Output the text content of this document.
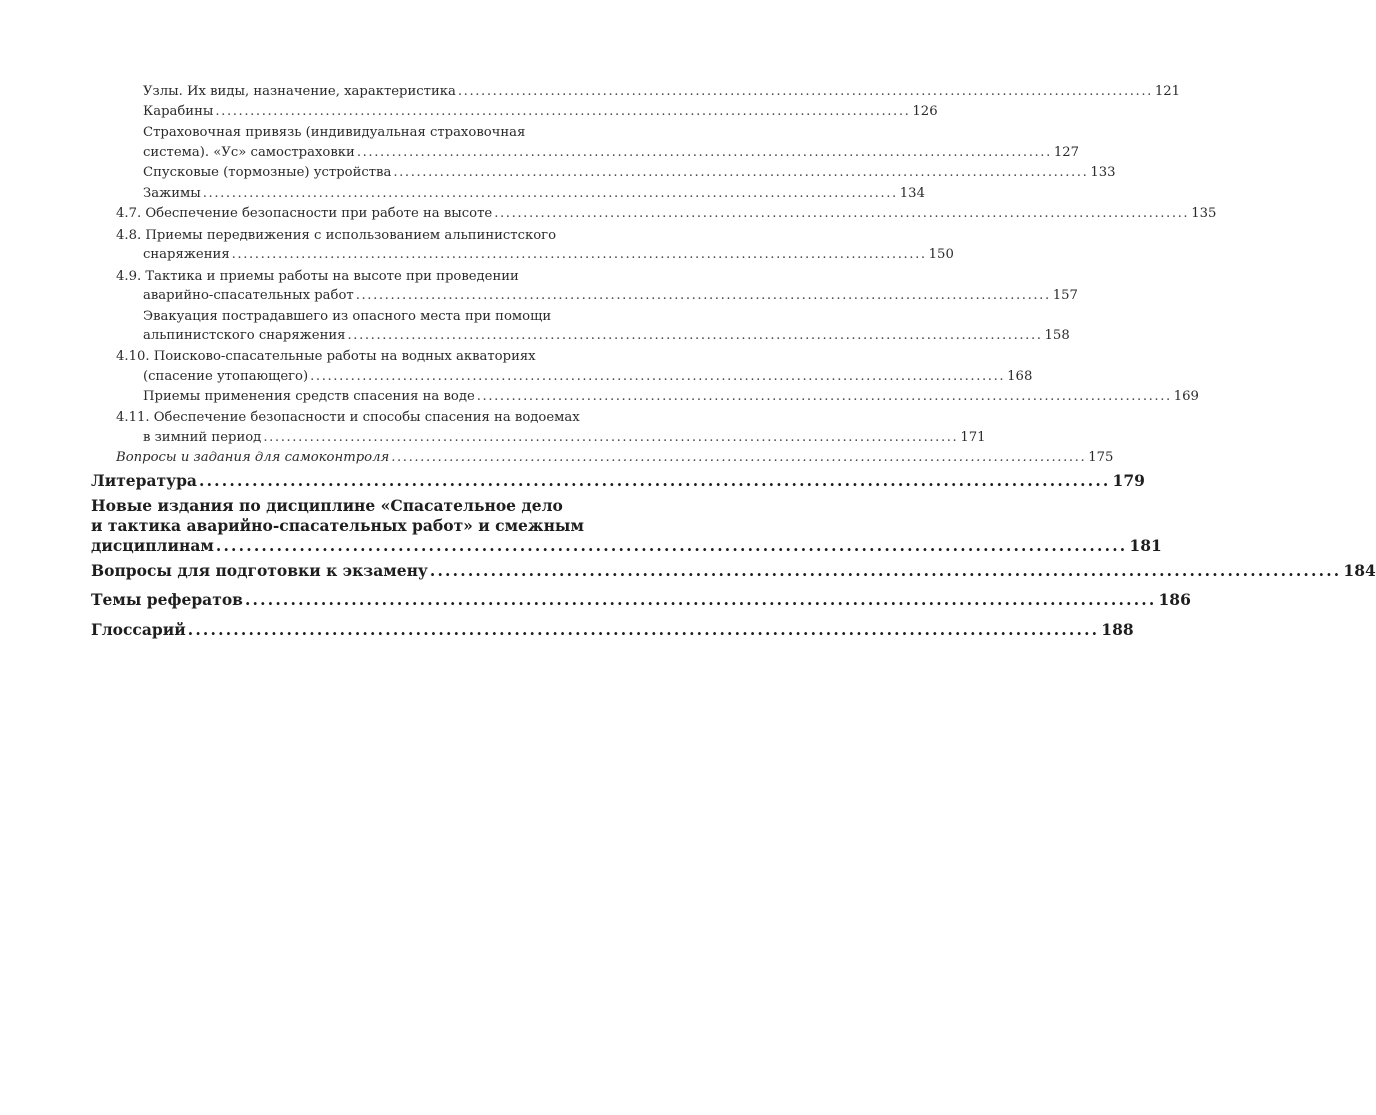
Узлы. Их виды, назначение, характеристика ........................................................................................................................ 121
Карабины ........................................................................................................................ 126
Страховочная привязь (индивидуальная страховочная
система). «Ус» самостраховки ........................................................................................................................ 127
Спусковые (тормозные) устройства ........................................................................................................................ 133
Зажимы ........................................................................................................................ 134
4.7. Обеспечение безопасности при работе на высоте ........................................................................................................................ 135
4.8. Приемы передвижения с использованием альпинистского
снаряжения ........................................................................................................................ 150
4.9. Тактика и приемы работы на высоте при проведении
аварийно-спасательных работ ........................................................................................................................ 157
Эвакуация пострадавшего из опасного места при помощи
альпинистского снаряжения ........................................................................................................................ 158
4.10. Поисково-спасательные работы на водных акваториях
(спасение утопающего) ........................................................................................................................ 168
Приемы применения средств спасения на воде ........................................................................................................................ 169
4.11. Обеспечение безопасности и способы спасения на водоемах
в зимний период ........................................................................................................................ 171
Вопросы и задания для самоконтроля ........................................................................................................................ 175
Литература ........................................................................................................................ 179
Новые издания по дисциплине «Спасательное дело
и тактика аварийно-спасательных работ» и смежным
дисциплинам ........................................................................................................................ 181
Вопросы для подготовки к экзамену ........................................................................................................................ 184
Темы рефератов ........................................................................................................................ 186
Глоссарий ........................................................................................................................ 188
